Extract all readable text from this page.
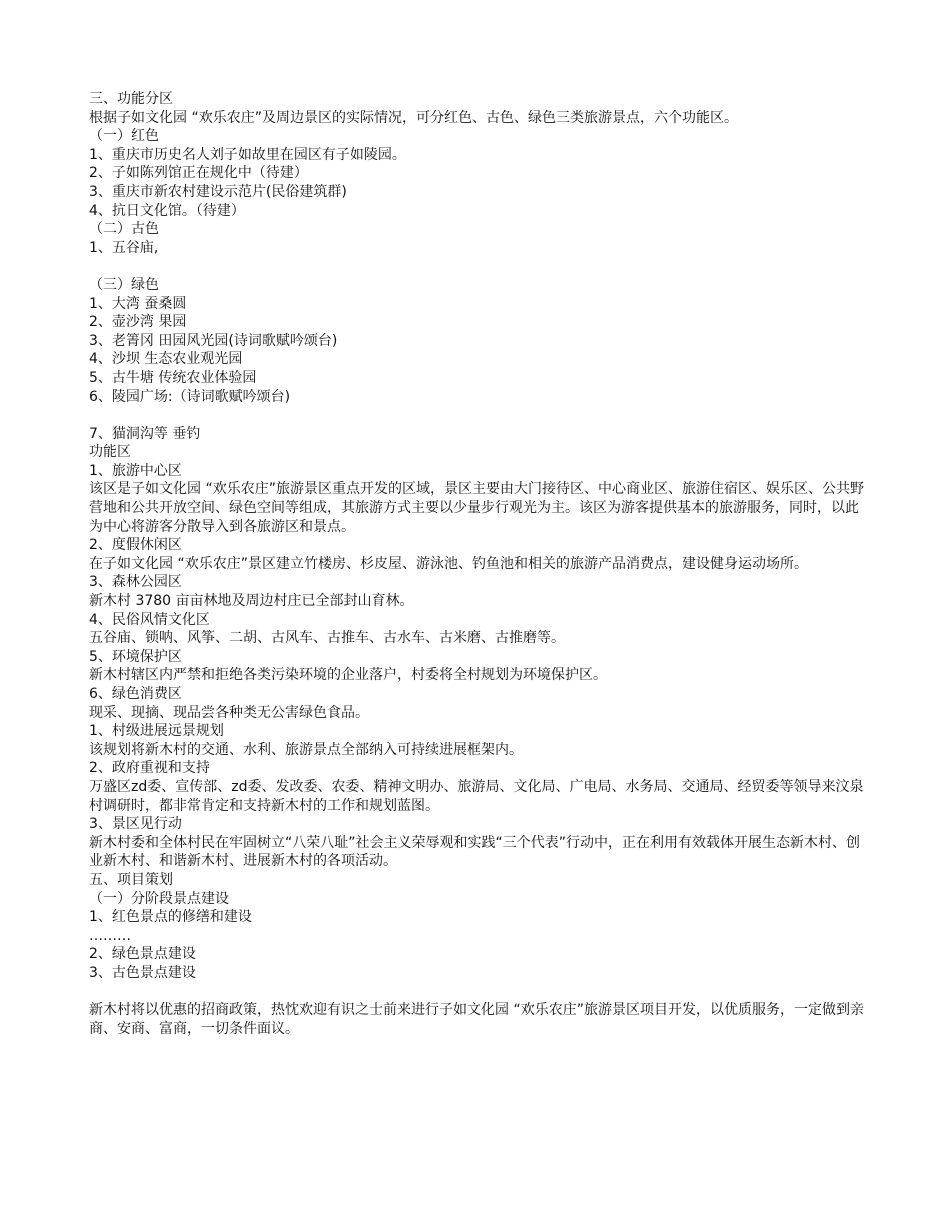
三、功能分区

根据子如文化园 “欢乐农庄”及周边景区的实际情况，可分红色、古色、绿色三类旅游景点，六个功能区。

（一）红色

1、重庆市历史名人刘子如故里在园区有子如陵园。

2、子如陈列馆正在规化中（待建）

3、重庆市新农村建设示范片(民俗建筑群)

4、抗日文化馆。（待建）

（二）古色

1、五谷庙,

（三）绿色

1、大湾 蚕桑圆

2、壶沙湾 果园

3、老箐冈 田园风光园(诗词歌赋吟颂台)

4、沙坝 生态农业观光园

5、古牛塘 传统农业体验园

6、陵园广场:（诗词歌赋吟颂台)

7、猫洞沟等 垂钓

功能区

1、旅游中心区

该区是子如文化园 “欢乐农庄”旅游景区重点开发的区域，景区主要由大门接待区、中心商业区、旅游住宿区、娱乐区、公共野营地和公共开放空间、绿色空间等组成，其旅游方式主要以少量步行观光为主。该区为游客提供基本的旅游服务，同时，以此为中心将游客分散导入到各旅游区和景点。

2、度假休闲区

在子如文化园 “欢乐农庄”景区建立竹楼房、杉皮屋、游泳池、钓鱼池和相关的旅游产品消费点，建设健身运动场所。

3、森林公园区

新木村 3780 亩亩林地及周边村庄已全部封山育林。

4、民俗风情文化区

五谷庙、锁呐、风筝、二胡、古风车、古推车、古水车、古米磨、古推磨等。

5、环境保护区

新木村辖区内严禁和拒绝各类污染环境的企业落户，村委将全村规划为环境保护区。

6、绿色消费区

现采、现摘、现品尝各种类无公害绿色食品。

1、村级进展远景规划

该规划将新木村的交通、水利、旅游景点全部纳入可持续进展框架内。

2、政府重视和支持

万盛区zd委、宣传部、zd委、发改委、农委、精神文明办、旅游局、文化局、广电局、水务局、交通局、经贸委等领导来汶泉村调研时，都非常肯定和支持新木村的工作和规划蓝图。

3、景区见行动

新木村委和全体村民在牢固树立“八荣八耻”社会主义荣辱观和实践“三个代表”行动中，正在利用有效载体开展生态新木村、创业新木村、和谐新木村、进展新木村的各项活动。

五、项目策划

（一）分阶段景点建设

1、红色景点的修缮和建设

………

2、绿色景点建设

3、古色景点建设

新木村将以优惠的招商政策，热忱欢迎有识之士前来进行子如文化园 “欢乐农庄”旅游景区项目开发，以优质服务，一定做到亲商、安商、富商，一切条件面议。
